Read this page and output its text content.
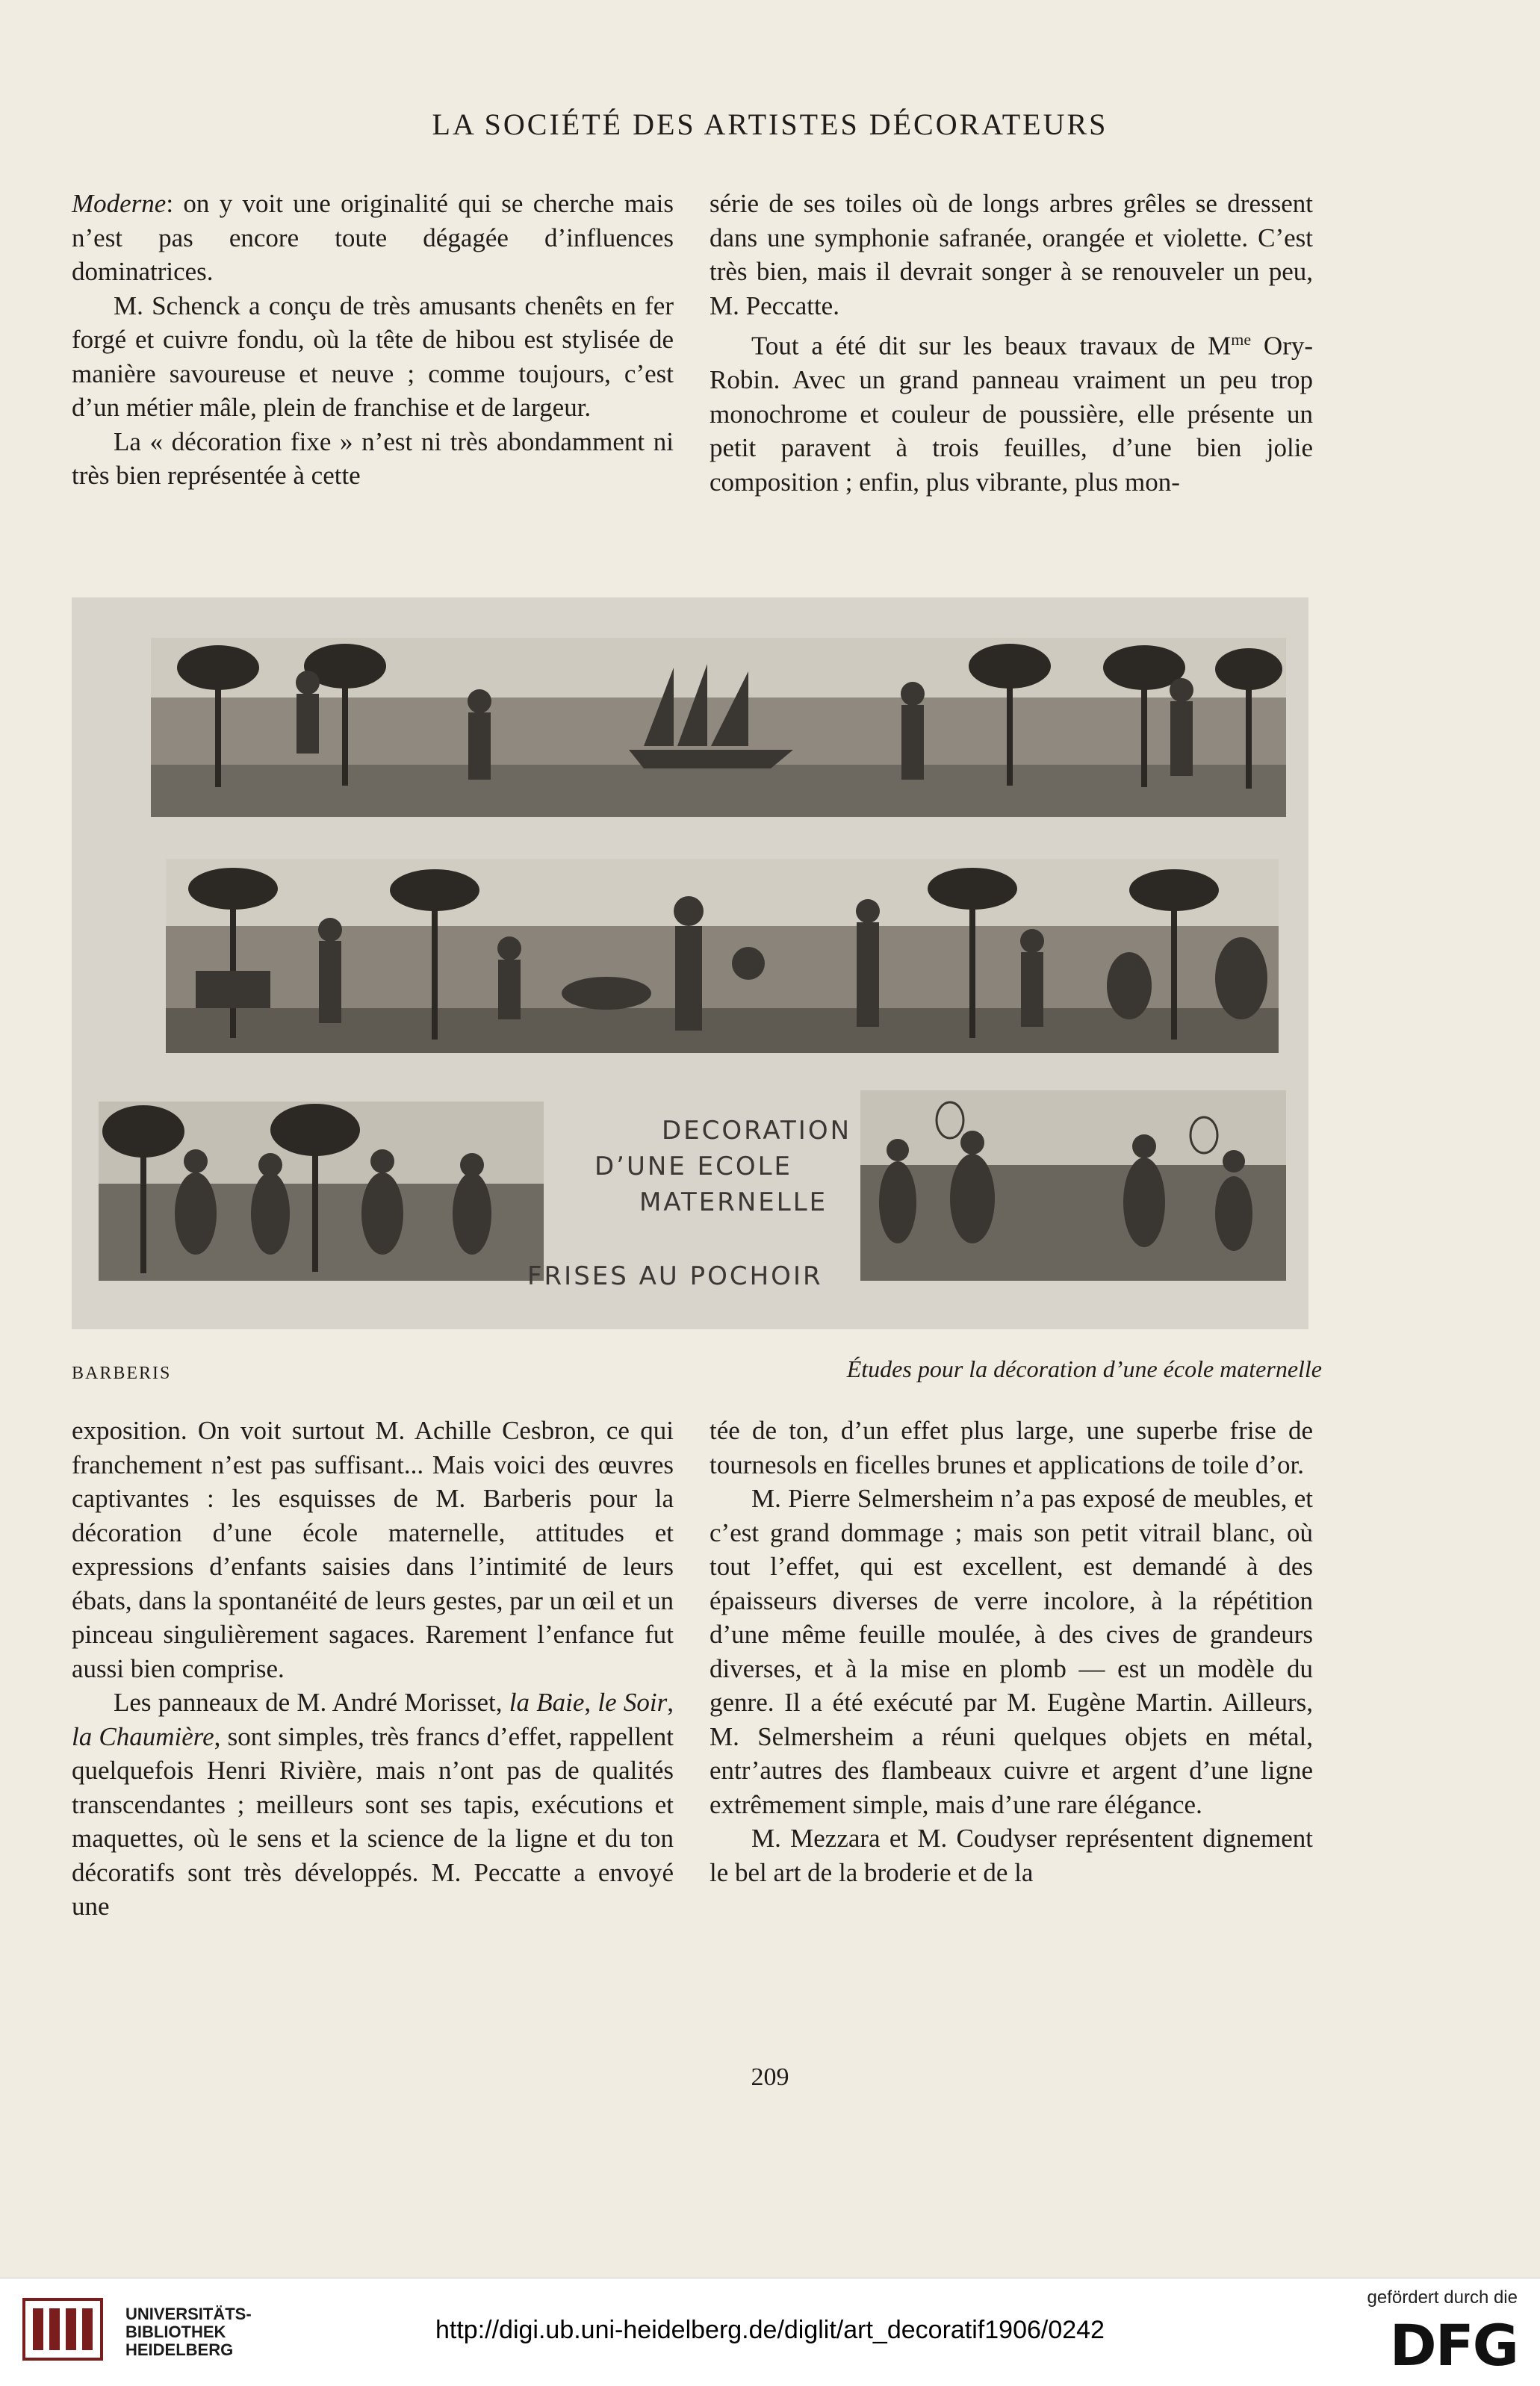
LA SOCIÉTÉ DES ARTISTES DÉCORATEURS

Moderne: on y voit une originalité qui se cherche mais n’est pas encore toute dégagée d’influences dominatrices.

M. Schenck a conçu de très amusants chenêts en fer forgé et cuivre fondu, où la tête de hibou est stylisée de manière savoureuse et neuve ; comme toujours, c’est d’un métier mâle, plein de franchise et de largeur.

La « décoration fixe » n’est ni très abondamment ni très bien représentée à cette

série de ses toiles où de longs arbres grêles se dressent dans une symphonie safranée, orangée et violette. C’est très bien, mais il devrait songer à se renouveler un peu, M. Peccatte.

Tout a été dit sur les beaux travaux de $M^{me}$ Ory-Robin. Avec un grand panneau vraiment un peu trop monochrome et couleur de poussière, elle présente un petit paravent à trois feuilles, d’une bien jolie composition ; enfin, plus vibrante, plus mon-

DECORATION
D’UNE ECOLE
MATERNELLE
FRISES AU POCHOIR

BARBERIS	Études pour la décoration d’une école maternelle

exposition. On voit surtout M. Achille Cesbron, ce qui franchement n’est pas suffisant... Mais voici des œuvres captivantes : les esquisses de M. Barberis pour la décoration d’une école maternelle, attitudes et expressions d’enfants saisies dans l’intimité de leurs ébats, dans la spontanéité de leurs gestes, par un œil et un pinceau singulièrement sagaces. Rarement l’enfance fut aussi bien comprise.

Les panneaux de M. André Morisset, la Baie, le Soir, la Chaumière, sont simples, très francs d’effet, rappellent quelquefois Henri Rivière, mais n’ont pas de qualités transcendantes ; meilleurs sont ses tapis, exécutions et maquettes, où le sens et la science de la ligne et du ton décoratifs sont très développés. M. Peccatte a envoyé une

tée de ton, d’un effet plus large, une superbe frise de tournesols en ficelles brunes et applications de toile d’or.

M. Pierre Selmersheim n’a pas exposé de meubles, et c’est grand dommage ; mais son petit vitrail blanc, où tout l’effet, qui est excellent, est demandé à des épaisseurs diverses de verre incolore, à la répétition d’une même feuille moulée, à des cives de grandeurs diverses, et à la mise en plomb — est un modèle du genre. Il a été exécuté par M. Eugène Martin. Ailleurs, M. Selmersheim a réuni quelques objets en métal, entr’autres des flambeaux cuivre et argent d’une ligne extrêmement simple, mais d’une rare élégance.

M. Mezzara et M. Coudyser représentent dignement le bel art de la broderie et de la

209

UNIVERSITÄTS-
BIBLIOTHEK
HEIDELBERG

http://digi.ub.uni-heidelberg.de/diglit/art_decoratif1906/0242

gefördert durch die

DFG
